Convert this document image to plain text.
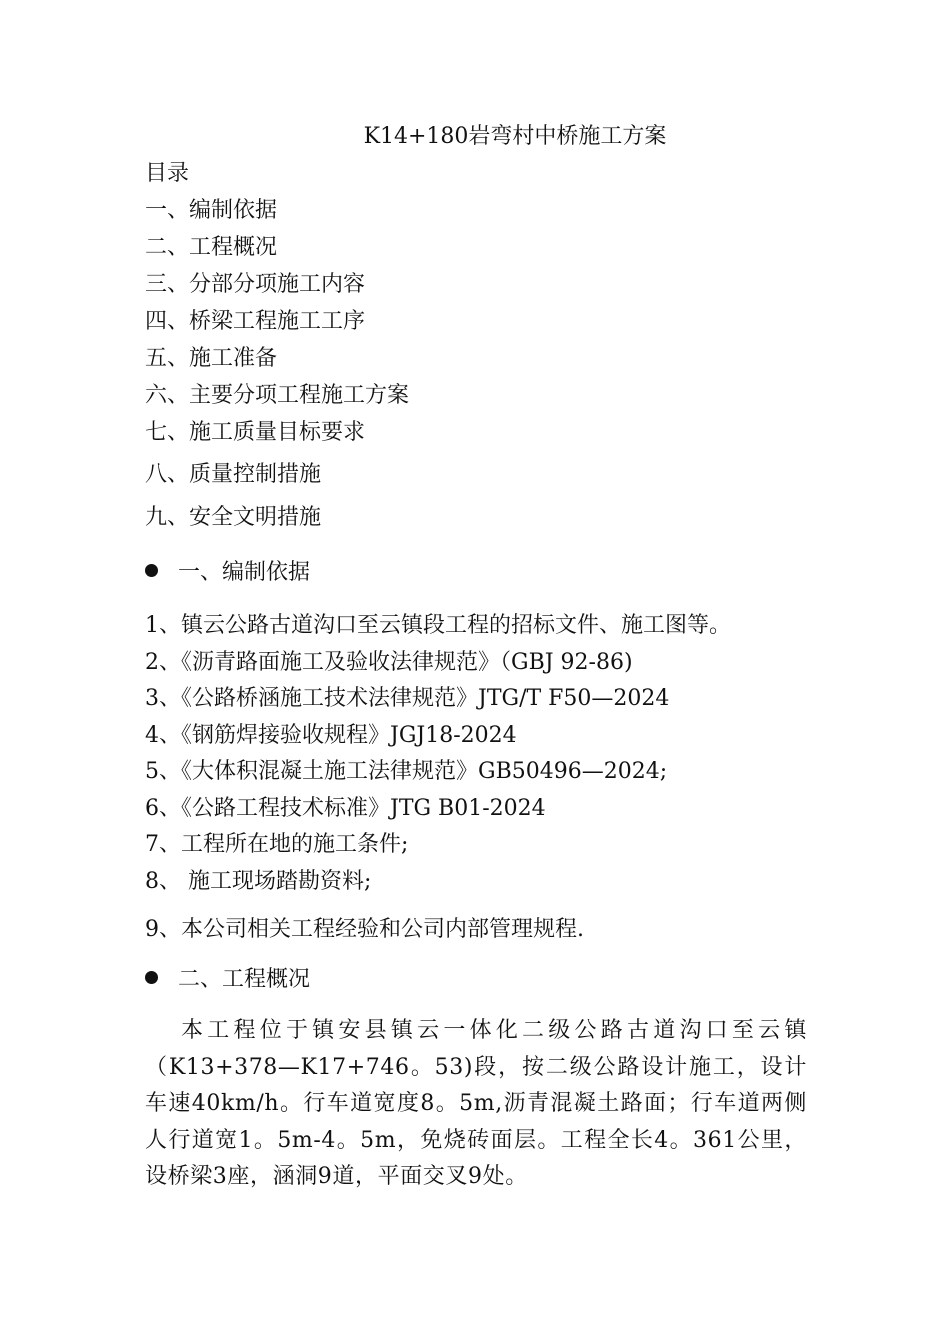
K14+180岩弯村中桥施工方案
目录
一、编制依据
二、工程概况
三、分部分项施工内容
四、桥梁工程施工工序
五、施工准备
六、主要分项工程施工方案
七、施工质量目标要求
八、质量控制措施
九、安全文明措施
一、编制依据
1、镇云公路古道沟口至云镇段工程的招标文件、施工图等。
2、《沥青路面施工及验收法律规范》（GBJ 92-86)
3、《公路桥涵施工技术法律规范》JTG/T F50—2024
4、《钢筋焊接验收规程》JGJ18-2024
5、《大体积混凝土施工法律规范》GB50496—2024;
6、《公路工程技术标准》JTG B01-2024
7、工程所在地的施工条件;
8、 施工现场踏勘资料;
9、本公司相关工程经验和公司内部管理规程.
二、工程概况
本工程位于镇安县镇云一体化二级公路古道沟口至云镇（K13+378—K17+746。53)段，按二级公路设计施工，设计车速40km/h。行车道宽度8。5m,沥青混凝土路面；行车道两侧人行道宽1。5m-4。5m，免烧砖面层。工程全长4。361公里，设桥梁3座，涵洞9道，平面交叉9处。
